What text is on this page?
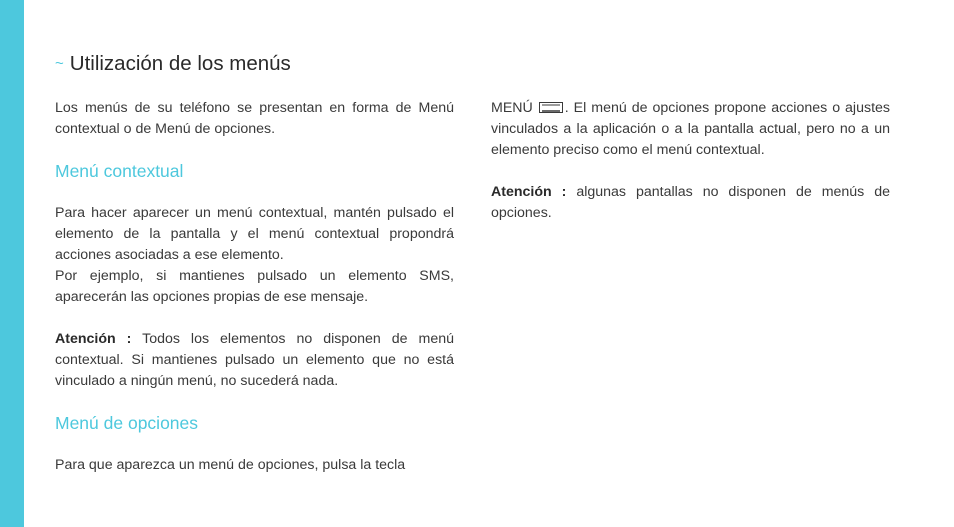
~ Utilización de los menús

Los menús de su teléfono se presentan en forma de Menú contextual o de Menú de opciones.

Menú contextual

Para hacer aparecer un menú contextual, mantén pulsado el elemento de la pantalla y el menú contextual propondrá acciones asociadas a ese elemento.

Por ejemplo, si mantienes pulsado un elemento SMS, aparecerán las opciones propias de ese mensaje.

Atención : Todos los elementos no disponen de menú contextual. Si mantienes pulsado un elemento que no está vinculado a ningún menú, no sucederá nada.

Menú de opciones

Para que aparezca un menú de opciones, pulsa la tecla

MENÚ . El menú de opciones propone acciones o ajustes vinculados a la aplicación o a la pantalla actual, pero no a un elemento preciso como el menú contextual.

Atención : algunas pantallas no disponen de menús de opciones.
